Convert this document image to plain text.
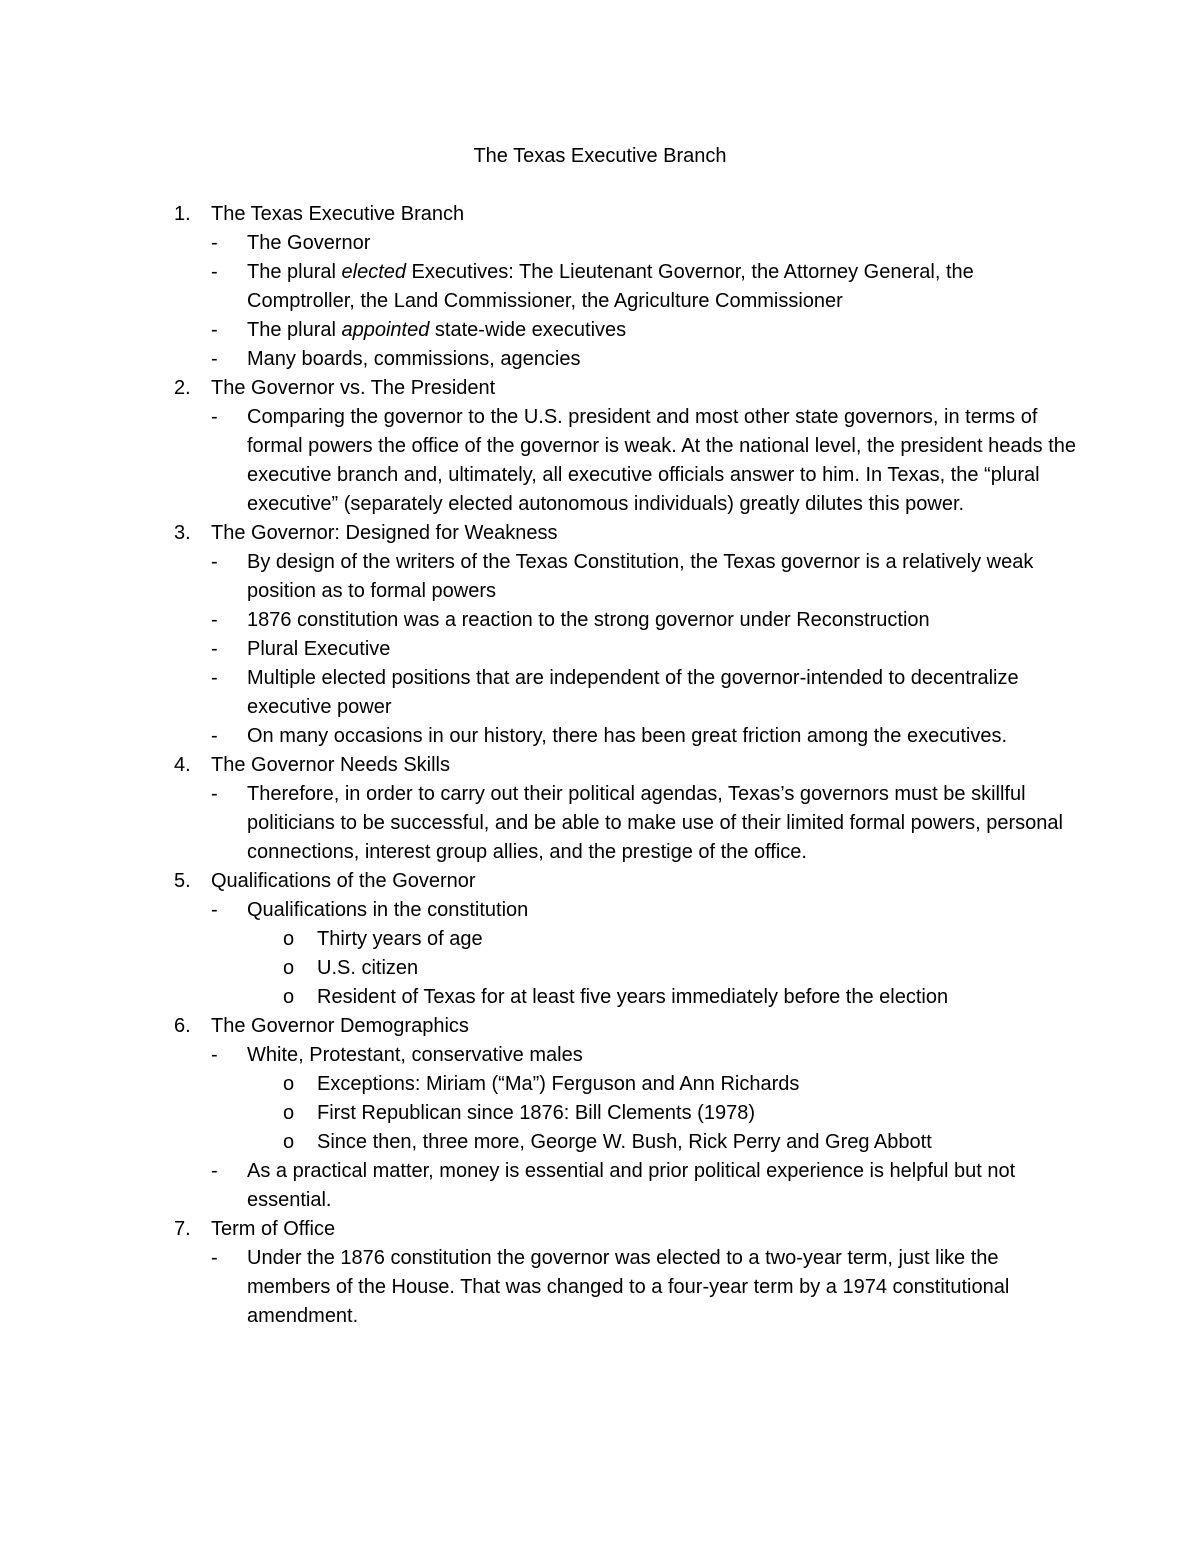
The Texas Executive Branch
1. The Texas Executive Branch
- The Governor
- The plural elected Executives: The Lieutenant Governor, the Attorney General, the Comptroller, the Land Commissioner, the Agriculture Commissioner
- The plural appointed state-wide executives
- Many boards, commissions, agencies
2. The Governor vs. The President
- Comparing the governor to the U.S. president and most other state governors, in terms of formal powers the office of the governor is weak. At the national level, the president heads the executive branch and, ultimately, all executive officials answer to him. In Texas, the “plural executive” (separately elected autonomous individuals) greatly dilutes this power.
3. The Governor: Designed for Weakness
- By design of the writers of the Texas Constitution, the Texas governor is a relatively weak position as to formal powers
- 1876 constitution was a reaction to the strong governor under Reconstruction
- Plural Executive
- Multiple elected positions that are independent of the governor-intended to decentralize executive power
- On many occasions in our history, there has been great friction among the executives.
4. The Governor Needs Skills
- Therefore, in order to carry out their political agendas, Texas’s governors must be skillful politicians to be successful, and be able to make use of their limited formal powers, personal connections, interest group allies, and the prestige of the office.
5. Qualifications of the Governor
- Qualifications in the constitution
o Thirty years of age
o U.S. citizen
o Resident of Texas for at least five years immediately before the election
6. The Governor Demographics
- White, Protestant, conservative males
o Exceptions: Miriam (“Ma”) Ferguson and Ann Richards
o First Republican since 1876: Bill Clements (1978)
o Since then, three more, George W. Bush, Rick Perry and Greg Abbott
- As a practical matter, money is essential and prior political experience is helpful but not essential.
7. Term of Office
- Under the 1876 constitution the governor was elected to a two-year term, just like the members of the House. That was changed to a four-year term by a 1974 constitutional amendment.
